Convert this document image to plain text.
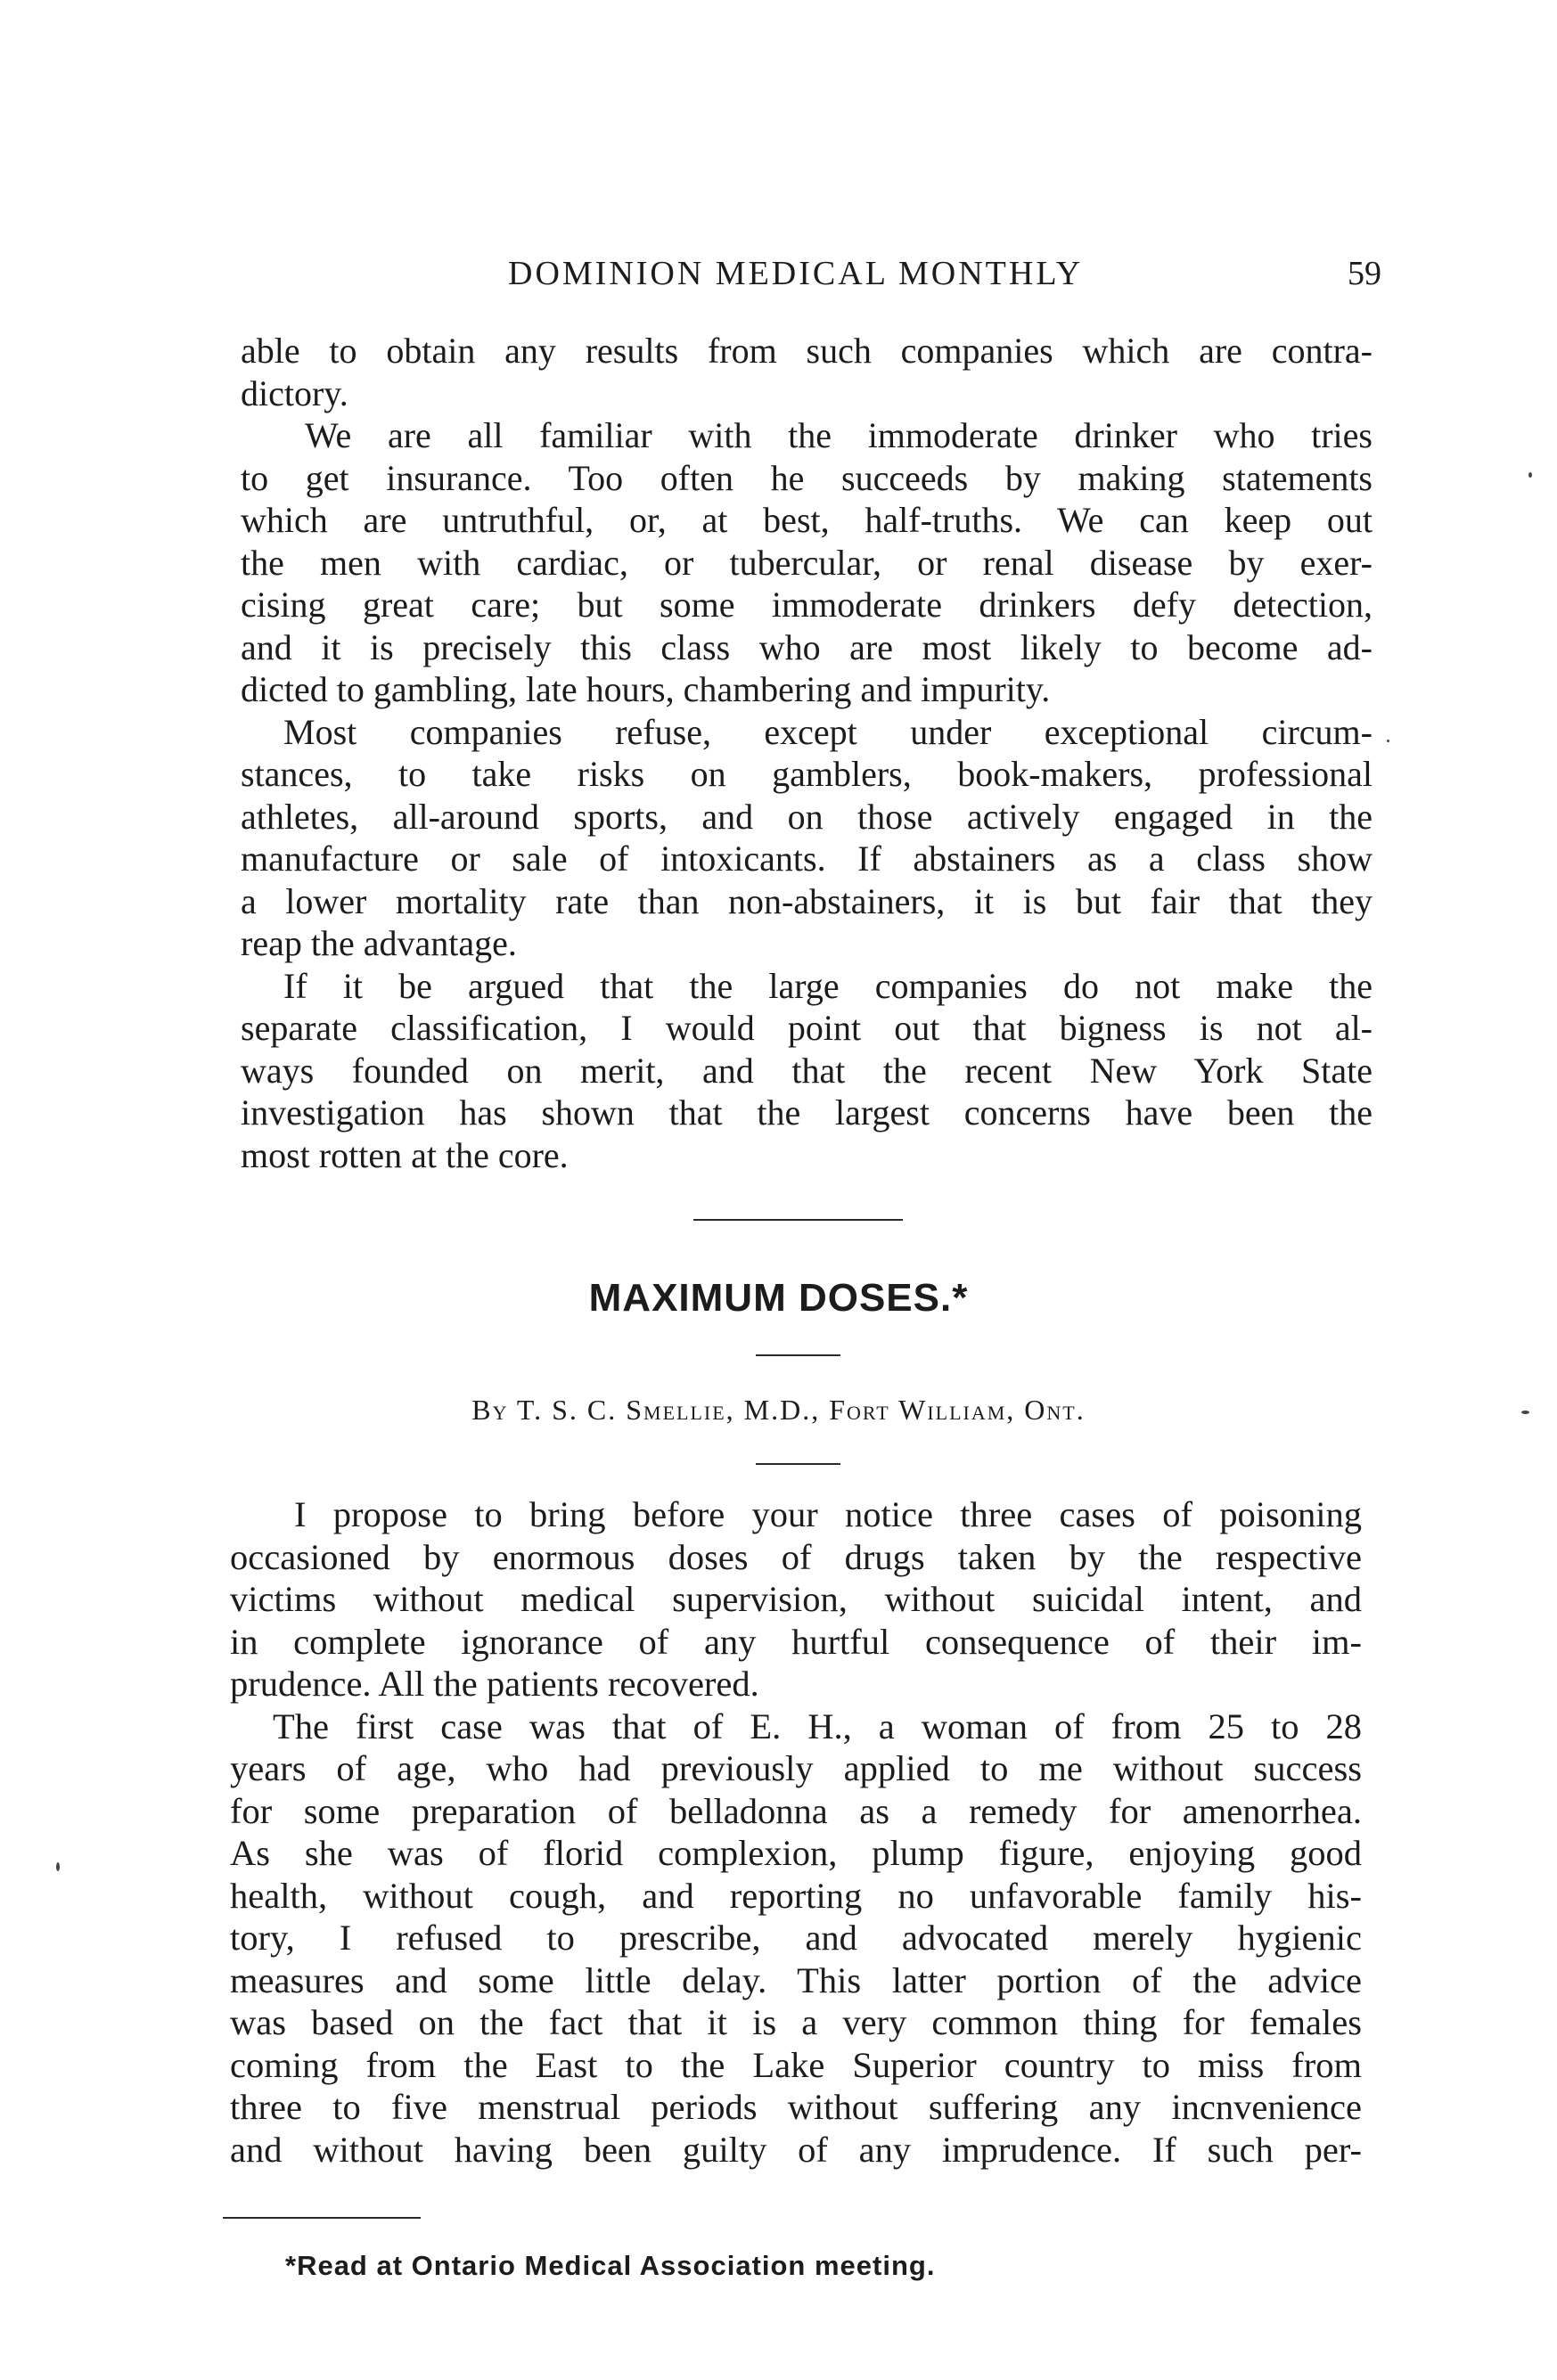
DOMINION MEDICAL MONTHLY	59
able to obtain any results from such companies which are contra-
dictory.
We are all familiar with the immoderate drinker who tries
to get insurance. Too often he succeeds by making statements
which are untruthful, or, at best, half-truths. We can keep out
the men with cardiac, or tubercular, or renal disease by exer-
cising great care; but some immoderate drinkers defy detection,
and it is precisely this class who are most likely to become ad-
dicted to gambling, late hours, chambering and impurity.
Most companies refuse, except under exceptional circum-
stances, to take risks on gamblers, book-makers, professional
athletes, all-around sports, and on those actively engaged in the
manufacture or sale of intoxicants. If abstainers as a class show
a lower mortality rate than non-abstainers, it is but fair that they
reap the advantage.
If it be argued that the large companies do not make the
separate classification, I would point out that bigness is not al-
ways founded on merit, and that the recent New York State
investigation has shown that the largest concerns have been the
most rotten at the core.
MAXIMUM DOSES.*
By T. S. C. Smellie, M.D., Fort William, Ont.
I propose to bring before your notice three cases of poisoning
occasioned by enormous doses of drugs taken by the respective
victims without medical supervision, without suicidal intent, and
in complete ignorance of any hurtful consequence of their im-
prudence. All the patients recovered.
The first case was that of E. H., a woman of from 25 to 28
years of age, who had previously applied to me without success
for some preparation of belladonna as a remedy for amenorrhea.
As she was of florid complexion, plump figure, enjoying good
health, without cough, and reporting no unfavorable family his-
tory, I refused to prescribe, and advocated merely hygienic
measures and some little delay. This latter portion of the advice
was based on the fact that it is a very common thing for females
coming from the East to the Lake Superior country to miss from
three to five menstrual periods without suffering any incnvenience
and without having been guilty of any imprudence. If such per-
*Read at Ontario Medical Association meeting.
